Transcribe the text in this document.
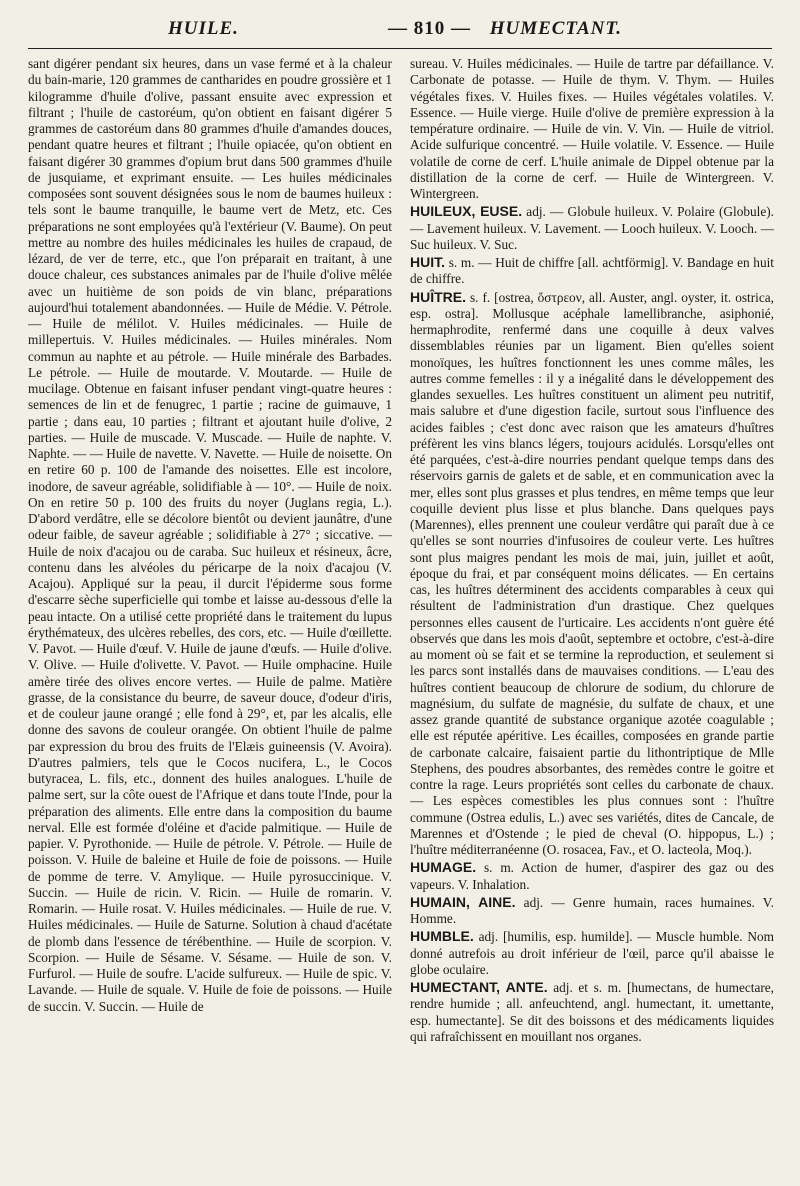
HUILE.	— 810 — HUMECTANT.

sant digérer pendant six heures, dans un vase fermé et à la chaleur du bain-marie, 120 grammes de cantharides en poudre grossière et 1 kilogramme d'huile d'olive, passant ensuite avec expression et filtrant ; l'huile de castoréum, qu'on obtient en faisant digérer 5 grammes de castoréum dans 80 grammes d'huile d'amandes douces, pendant quatre heures et filtrant ; l'huile opiacée, qu'on obtient en faisant digérer 30 grammes d'opium brut dans 500 grammes d'huile de jusquiame, et exprimant ensuite. — Les huiles médicinales composées sont souvent désignées sous le nom de baumes huileux : tels sont le baume tranquille, le baume vert de Metz, etc. Ces préparations ne sont employées qu'à l'extérieur (V. Baume). On peut mettre au nombre des huiles médicinales les huiles de crapaud, de lézard, de ver de terre, etc., que l'on préparait en traitant, à une douce chaleur, ces substances animales par de l'huile d'olive mêlée avec un huitième de son poids de vin blanc, préparations aujourd'hui totalement abandonnées. — Huile de Médie. V. Pétrole. — Huile de mélilot. V. Huiles médicinales. — Huile de millepertuis. V. Huiles médicinales. — Huiles minérales. Nom commun au naphte et au pétrole. — Huile minérale des Barbades. Le pétrole. — Huile de moutarde. V. Moutarde. — Huile de mucilage. Obtenue en faisant infuser pendant vingt-quatre heures : semences de lin et de fenugrec, 1 partie ; racine de guimauve, 1 partie ; dans eau, 10 parties ; filtrant et ajoutant huile d'olive, 2 parties. — Huile de muscade. V. Muscade. — Huile de naphte. V. Naphte. — — Huile de navette. V. Navette. — Huile de noisette. On en retire 60 p. 100 de l'amande des noisettes. Elle est incolore, inodore, de saveur agréable, solidifiable à — 10°. — Huile de noix. On en retire 50 p. 100 des fruits du noyer (Juglans regia, L.). D'abord verdâtre, elle se décolore bientôt ou devient jaunâtre, d'une odeur faible, de saveur agréable ; solidifiable à 27° ; siccative. — Huile de noix d'acajou ou de caraba. Suc huileux et résineux, âcre, contenu dans les alvéoles du péricarpe de la noix d'acajou (V. Acajou). Appliqué sur la peau, il durcit l'épiderme sous forme d'escarre sèche superficielle qui tombe et laisse au-dessous d'elle la peau intacte. On a utilisé cette propriété dans le traitement du lupus érythémateux, des ulcères rebelles, des cors, etc. — Huile d'œillette. V. Pavot. — Huile d'œuf. V. Huile de jaune d'œufs. — Huile d'olive. V. Olive. — Huile d'olivette. V. Pavot. — Huile omphacine. Huile amère tirée des olives encore vertes. — Huile de palme. Matière grasse, de la consistance du beurre, de saveur douce, d'odeur d'iris, et de couleur jaune orangé ; elle fond à 29°, et, par les alcalis, elle donne des savons de couleur orangée. On obtient l'huile de palme par expression du brou des fruits de l'Elæis guineensis (V. Avoira). D'autres palmiers, tels que le Cocos nucifera, L., le Cocos butyracea, L. fils, etc., donnent des huiles analogues. L'huile de palme sert, sur la côte ouest de l'Afrique et dans toute l'Inde, pour la préparation des aliments. Elle entre dans la composition du baume nerval. Elle est formée d'oléine et d'acide palmitique. — Huile de papier. V. Pyrothonide. — Huile de pétrole. V. Pétrole. — Huile de poisson. V. Huile de baleine et Huile de foie de poissons. — Huile de pomme de terre. V. Amylique. — Huile pyrosuccinique. V. Succin. — Huile de ricin. V. Ricin. — Huile de romarin. V. Romarin. — Huile rosat. V. Huiles médicinales. — Huile de rue. V. Huiles médicinales. — Huile de Saturne. Solution à chaud d'acétate de plomb dans l'essence de térébenthine. — Huile de scorpion. V. Scorpion. — Huile de Sésame. V. Sésame. — Huile de son. V. Furfurol. — Huile de soufre. L'acide sulfureux. — Huile de spic. V. Lavande. — Huile de squale. V. Huile de foie de poissons. — Huile de succin. V. Succin. — Huile de

sureau. V. Huiles médicinales. — Huile de tartre par défaillance. V. Carbonate de potasse. — Huile de thym. V. Thym. — Huiles végétales fixes. V. Huiles fixes. — Huiles végétales volatiles. V. Essence. — Huile vierge. Huile d'olive de première expression à la température ordinaire. — Huile de vin. V. Vin. — Huile de vitriol. Acide sulfurique concentré. — Huile volatile. V. Essence. — Huile volatile de corne de cerf. L'huile animale de Dippel obtenue par la distillation de la corne de cerf. — Huile de Wintergreen. V. Wintergreen.

HUILEUX, EUSE. adj. — Globule huileux. V. Polaire (Globule). — Lavement huileux. V. Lavement. — Looch huileux. V. Looch. — Suc huileux. V. Suc.

HUIT. s. m. — Huit de chiffre [all. achtförmig]. V. Bandage en huit de chiffre.

HUÎTRE. s. f. [ostrea, ὄστρεον, all. Auster, angl. oyster, it. ostrica, esp. ostra]. Mollusque acéphale lamellibranche, asiphonié, hermaphrodite, renfermé dans une coquille à deux valves dissemblables réunies par un ligament. Bien qu'elles soient monoïques, les huîtres fonctionnent les unes comme mâles, les autres comme femelles : il y a inégalité dans le développement des glandes sexuelles. Les huîtres constituent un aliment peu nutritif, mais salubre et d'une digestion facile, surtout sous l'influence des acides faibles ; c'est donc avec raison que les amateurs d'huîtres préfèrent les vins blancs légers, toujours acidulés. Lorsqu'elles ont été parquées, c'est-à-dire nourries pendant quelque temps dans des réservoirs garnis de galets et de sable, et en communication avec la mer, elles sont plus grasses et plus tendres, en même temps que leur coquille devient plus lisse et plus blanche. Dans quelques pays (Marennes), elles prennent une couleur verdâtre qui paraît due à ce qu'elles se sont nourries d'infusoires de couleur verte. Les huîtres sont plus maigres pendant les mois de mai, juin, juillet et août, époque du frai, et par conséquent moins délicates. — En certains cas, les huîtres déterminent des accidents comparables à ceux qui résultent de l'administration d'un drastique. Chez quelques personnes elles causent de l'urticaire. Les accidents n'ont guère été observés que dans les mois d'août, septembre et octobre, c'est-à-dire au moment où se fait et se termine la reproduction, et seulement si les parcs sont installés dans de mauvaises conditions. — L'eau des huîtres contient beaucoup de chlorure de sodium, du chlorure de magnésium, du sulfate de magnésie, du sulfate de chaux, et une assez grande quantité de substance organique azotée coagulable ; elle est réputée apéritive. Les écailles, composées en grande partie de carbonate calcaire, faisaient partie du lithontriptique de Mlle Stephens, des poudres absorbantes, des remèdes contre le goitre et contre la rage. Leurs propriétés sont celles du carbonate de chaux. — Les espèces comestibles les plus connues sont : l'huître commune (Ostrea edulis, L.) avec ses variétés, dites de Cancale, de Marennes et d'Ostende ; le pied de cheval (O. hippopus, L.) ; l'huître méditerranéenne (O. rosacea, Fav., et O. lacteola, Moq.).

HUMAGE. s. m. Action de humer, d'aspirer des gaz ou des vapeurs. V. Inhalation.

HUMAIN, AINE. adj. — Genre humain, races humaines. V. Homme.

HUMBLE. adj. [humilis, esp. humilde]. — Muscle humble. Nom donné autrefois au droit inférieur de l'œil, parce qu'il abaisse le globe oculaire.

HUMECTANT, ANTE. adj. et s. m. [humectans, de humectare, rendre humide ; all. anfeuchtend, angl. humectant, it. umettante, esp. humectante]. Se dit des boissons et des médicaments liquides qui rafraîchissent en mouillant nos organes.
